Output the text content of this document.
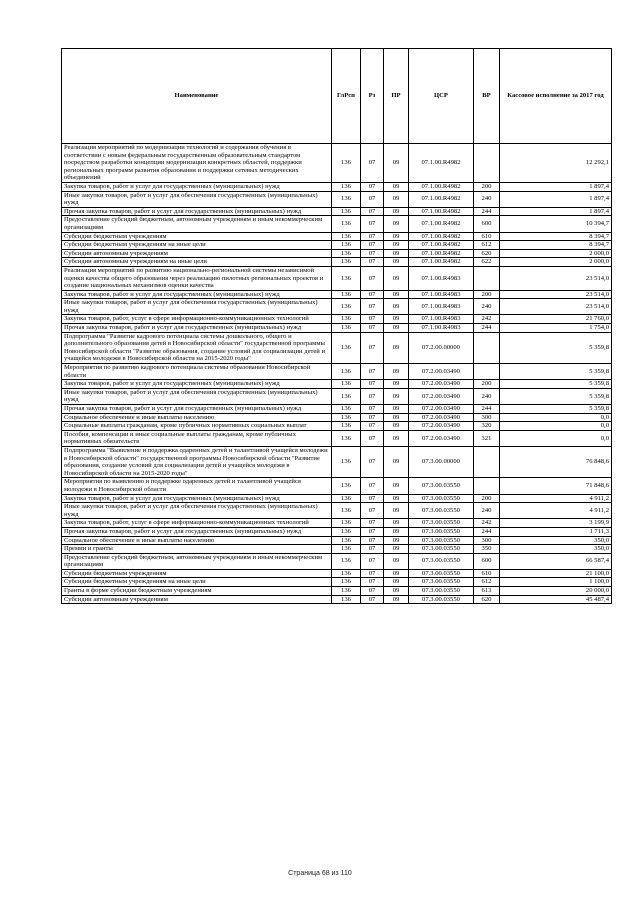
Наименование	ГлРсп	Рз	ПР	ЦСР	ВР	Кассовое исполнение за 2017 год
Реализация мероприятий по модернизации технологий и содержания обучения в соответствии с новым федеральным государственным образовательным стандартом посредством разработки концепции модернизации конкретных областей, поддержки региональных программ развития образования и поддержки сетевых методических объединений	136	07	09	07.1.00.R4982		12 292,1
Закупка товаров, работ и услуг для государственных (муниципальных) нужд	136	07	09	07.1.00.R4982	200	1 897,4
Иные закупки товаров, работ и услуг для обеспечения государственных (муниципальных) нужд	136	07	09	07.1.00.R4982	240	1 897,4
Прочая закупка товаров, работ и услуг для государственных (муниципальных) нужд	136	07	09	07.1.00.R4982	244	1 897,4
Предоставление субсидий бюджетным, автономным учреждениям и иным некоммерческим организациям	136	07	09	07.1.00.R4982	600	10 394,7
Субсидии бюджетным учреждениям	136	07	09	07.1.00.R4982	610	8 394,7
Субсидии бюджетным учреждениям на иные цели	136	07	09	07.1.00.R4982	612	8 394,7
Субсидии автономным учреждениям	136	07	09	07.1.00.R4982	620	2 000,0
Субсидии автономным учреждениям на иные цели	136	07	09	07.1.00.R4982	622	2 000,0
Реализация мероприятий по развитию национально-региональной системы независимой оценки качества общего образования через реализацию пилотных региональных проектов и создание национальных механизмов оценки качества	136	07	09	07.1.00.R4983		23 514,0
Закупка товаров, работ и услуг для государственных (муниципальных) нужд	136	07	09	07.1.00.R4983	200	23 514,0
Иные закупки товаров, работ и услуг для обеспечения государственных (муниципальных) нужд	136	07	09	07.1.00.R4983	240	23 514,0
Закупка товаров, работ, услуг в сфере информационно-коммуникационных технологий	136	07	09	07.1.00.R4983	242	21 760,0
Прочая закупка товаров, работ и услуг для государственных (муниципальных) нужд	136	07	09	07.1.00.R4983	244	1 754,0
Подпрограмма "Развитие кадрового потенциала системы дошкольного, общего и дополнительного образования детей в Новосибирской области" государственной программы Новосибирской области "Развитие образования, создание условий для социализации детей и учащейся молодежи в Новосибирской области на 2015-2020 годы"	136	07	09	07.2.00.00000		5 359,8
Мероприятия по развитию кадрового потенциала системы образования Новосибирской области	136	07	09	07.2.00.03490		5 359,8
Закупка товаров, работ и услуг для государственных (муниципальных) нужд	136	07	09	07.2.00.03490	200	5 359,8
Иные закупки товаров, работ и услуг для обеспечения государственных (муниципальных) нужд	136	07	09	07.2.00.03490	240	5 359,8
Прочая закупка товаров, работ и услуг для государственных (муниципальных) нужд	136	07	09	07.2.00.03490	244	5 359,8
Социальное обеспечение и иные выплаты населению	136	07	09	07.2.00.03490	300	0,0
Социальные выплаты гражданам, кроме публичных нормативных социальных выплат	136	07	09	07.2.00.03490	320	0,0
Пособия, компенсации и иные социальные выплаты гражданам, кроме публичных нормативных обязательств	136	07	09	07.2.00.03490	321	0,0
Подпрограмма "Выявление и поддержка одаренных детей и талантливой учащейся молодежи в Новосибирской области" государственной программы Новосибирской области "Развитие образования, создание условий для социализации детей и учащейся молодежи в Новосибирской области на 2015-2020 годы"	136	07	09	07.3.00.00000		76 848,6
Мероприятия по выявлению и поддержке одаренных детей и талантливой учащейся молодежи в Новосибирской области	136	07	09	07.3.00.03550		71 848,6
Закупка товаров, работ и услуг для государственных (муниципальных) нужд	136	07	09	07.3.00.03550	200	4 911,2
Иные закупки товаров, работ и услуг для обеспечения государственных (муниципальных) нужд	136	07	09	07.3.00.03550	240	4 911,2
Закупка товаров, работ, услуг в сфере информационно-коммуникационных технологий	136	07	09	07.3.00.03550	242	3 199,9
Прочая закупка товаров, работ и услуг для государственных (муниципальных) нужд	136	07	09	07.3.00.03550	244	1 711,3
Социальное обеспечение и иные выплаты населению	136	07	09	07.3.00.03550	300	350,0
Премии и гранты	136	07	09	07.3.00.03550	350	350,0
Предоставление субсидий бюджетным, автономным учреждениям и иным некоммерческим организациям	136	07	09	07.3.00.03550	600	66 587,4
Субсидии бюджетным учреждениям	136	07	09	07.3.00.03550	610	21 100,0
Субсидии бюджетным учреждениям на иные цели	136	07	09	07.3.00.03550	612	1 100,0
Гранты в форме субсидии бюджетным учреждениям	136	07	09	07.3.00.03550	613	20 000,0
Субсидии автономным учреждениям	136	07	09	07.3.00.03550	620	45 487,4
Страница 68 из 110
